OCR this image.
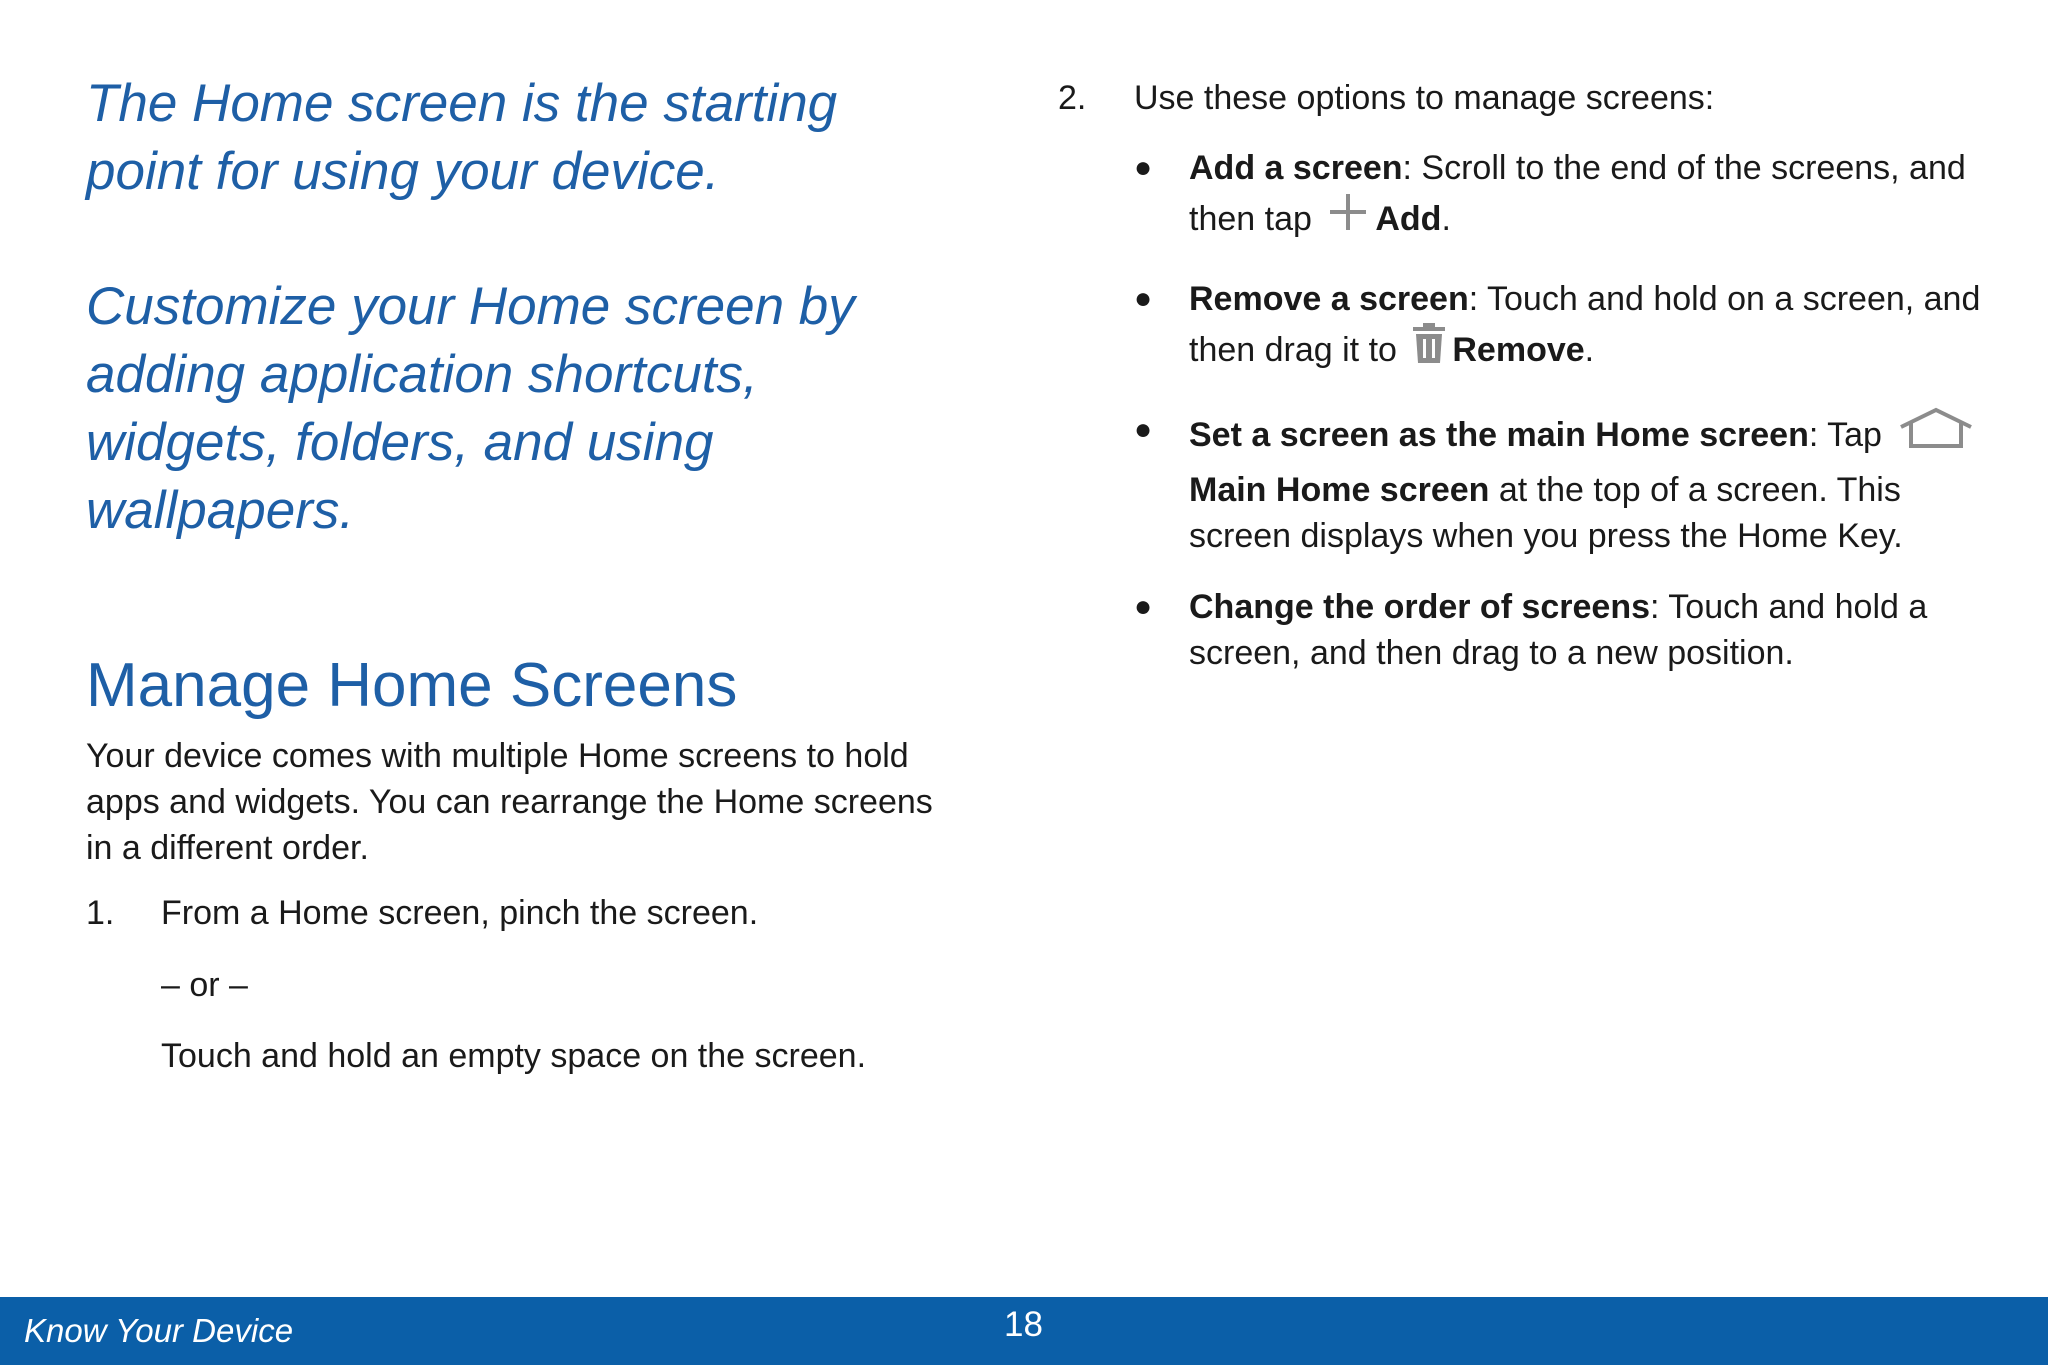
The Home screen is the starting point for using your device.

Customize your Home screen by adding application shortcuts, widgets, folders, and using wallpapers.

Manage Home Screens

Your device comes with multiple Home screens to hold apps and widgets. You can rearrange the Home screens in a different order.

1. From a Home screen, pinch the screen.

– or –

Touch and hold an empty space on the screen.

2. Use these options to manage screens:
● Add a screen: Scroll to the end of the screens, and then tap Add.
● Remove a screen: Touch and hold on a screen, and then drag it to Remove.
● Set a screen as the main Home screen: Tap Main Home screen at the top of a screen. This screen displays when you press the Home Key.
● Change the order of screens: Touch and hold a screen, and then drag to a new position.
Know Your Device	18
